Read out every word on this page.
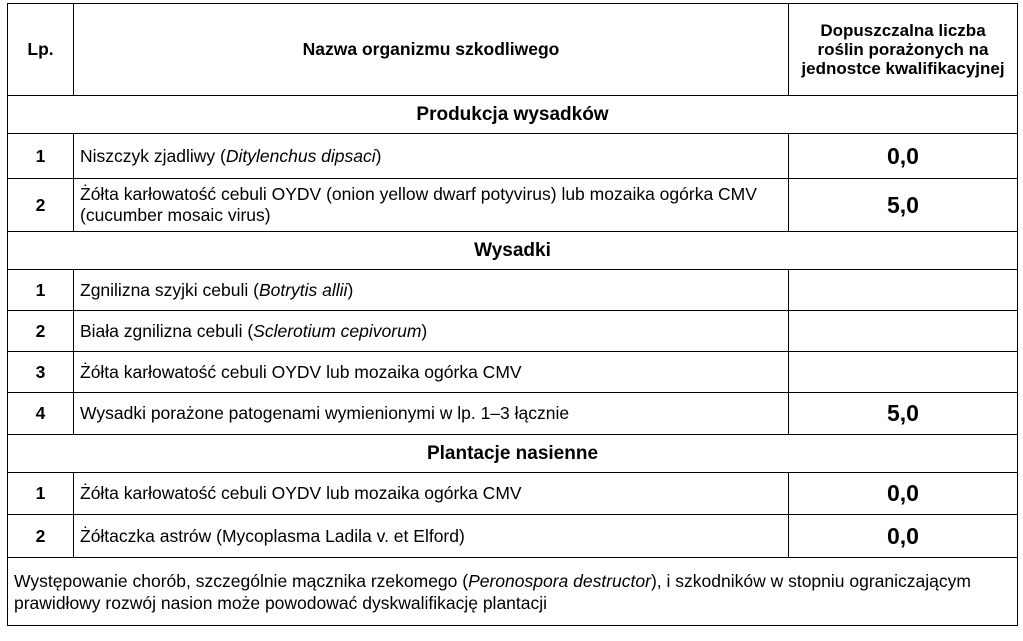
Lp.	Nazwa organizmu szkodliwego	Dopuszczalna liczba roślin porażonych na jednostce kwalifikacyjnej
Produkcja wysadków		
1	Niszczyk zjadliwy (Ditylenchus dipsaci)	0,0
2	Żółta karłowatość cebuli OYDV (onion yellow dwarf potyvirus) lub mozaika ogórka CMV (cucumber mosaic virus)	5,0
Wysadki		
1	Zgnilizna szyjki cebuli (Botrytis allii)	
2	Biała zgnilizna cebuli (Sclerotium cepivorum)	
3	Żółta karłowatość cebuli OYDV lub mozaika ogórka CMV	
4	Wysadki porażone patogenami wymienionymi w lp. 1–3 łącznie	5,0
Plantacje nasienne		
1	Żółta karłowatość cebuli OYDV lub mozaika ogórka CMV	0,0
2	Żółtaczka astrów (Mycoplasma Ladila v. et Elford)	0,0
Występowanie chorób, szczególnie mącznika rzekomego (Peronospora destructor), i szkodników w stopniu ograniczającym prawidłowy rozwój nasion może powodować dyskwalifikację plantacji		
